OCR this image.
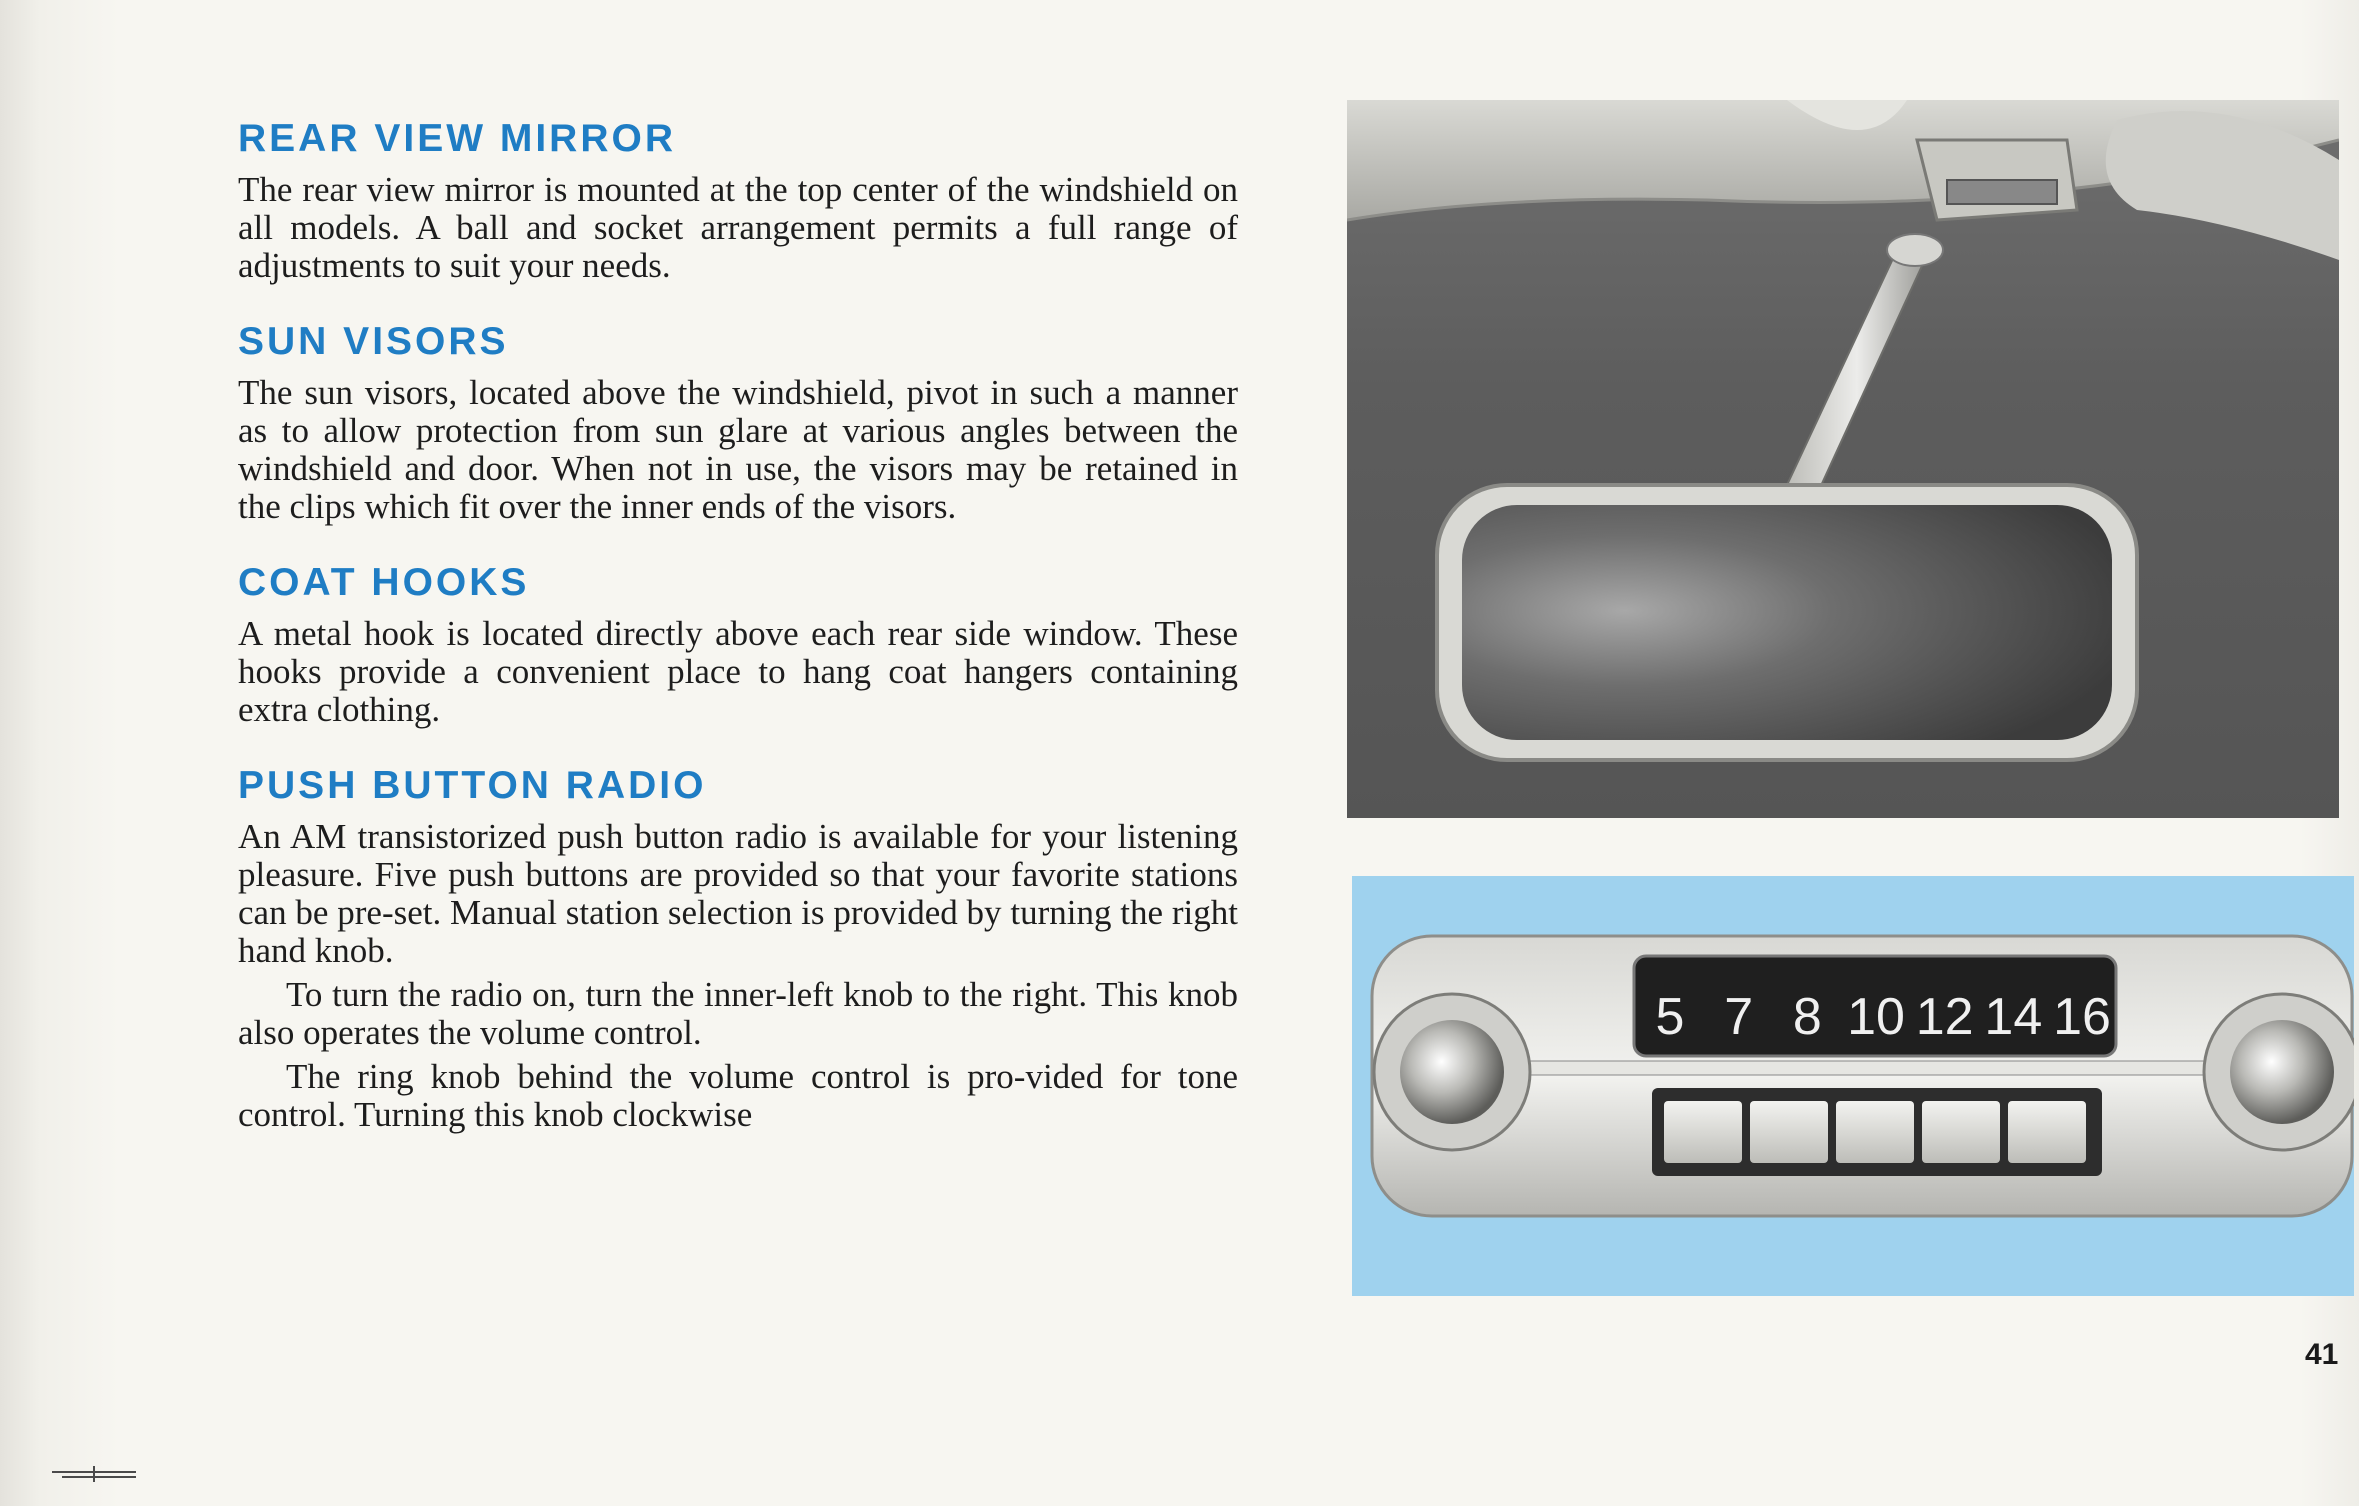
REAR VIEW MIRROR

The rear view mirror is mounted at the top center of the windshield on all models. A ball and socket arrangement permits a full range of adjustments to suit your needs.

SUN VISORS

The sun visors, located above the windshield, pivot in such a manner as to allow protection from sun glare at various angles between the windshield and door. When not in use, the visors may be retained in the clips which fit over the inner ends of the visors.

COAT HOOKS

A metal hook is located directly above each rear side window. These hooks provide a convenient place to hang coat hangers containing extra clothing.

PUSH BUTTON RADIO

An AM transistorized push button radio is available for your listening pleasure. Five push buttons are provided so that your favorite stations can be pre-set. Manual station selection is provided by turning the right hand knob.

To turn the radio on, turn the inner-left knob to the right. This knob also operates the volume control.

The ring knob behind the volume control is pro-vided for tone control. Turning this knob clockwise

5 7 8 10 12 14 16
41
